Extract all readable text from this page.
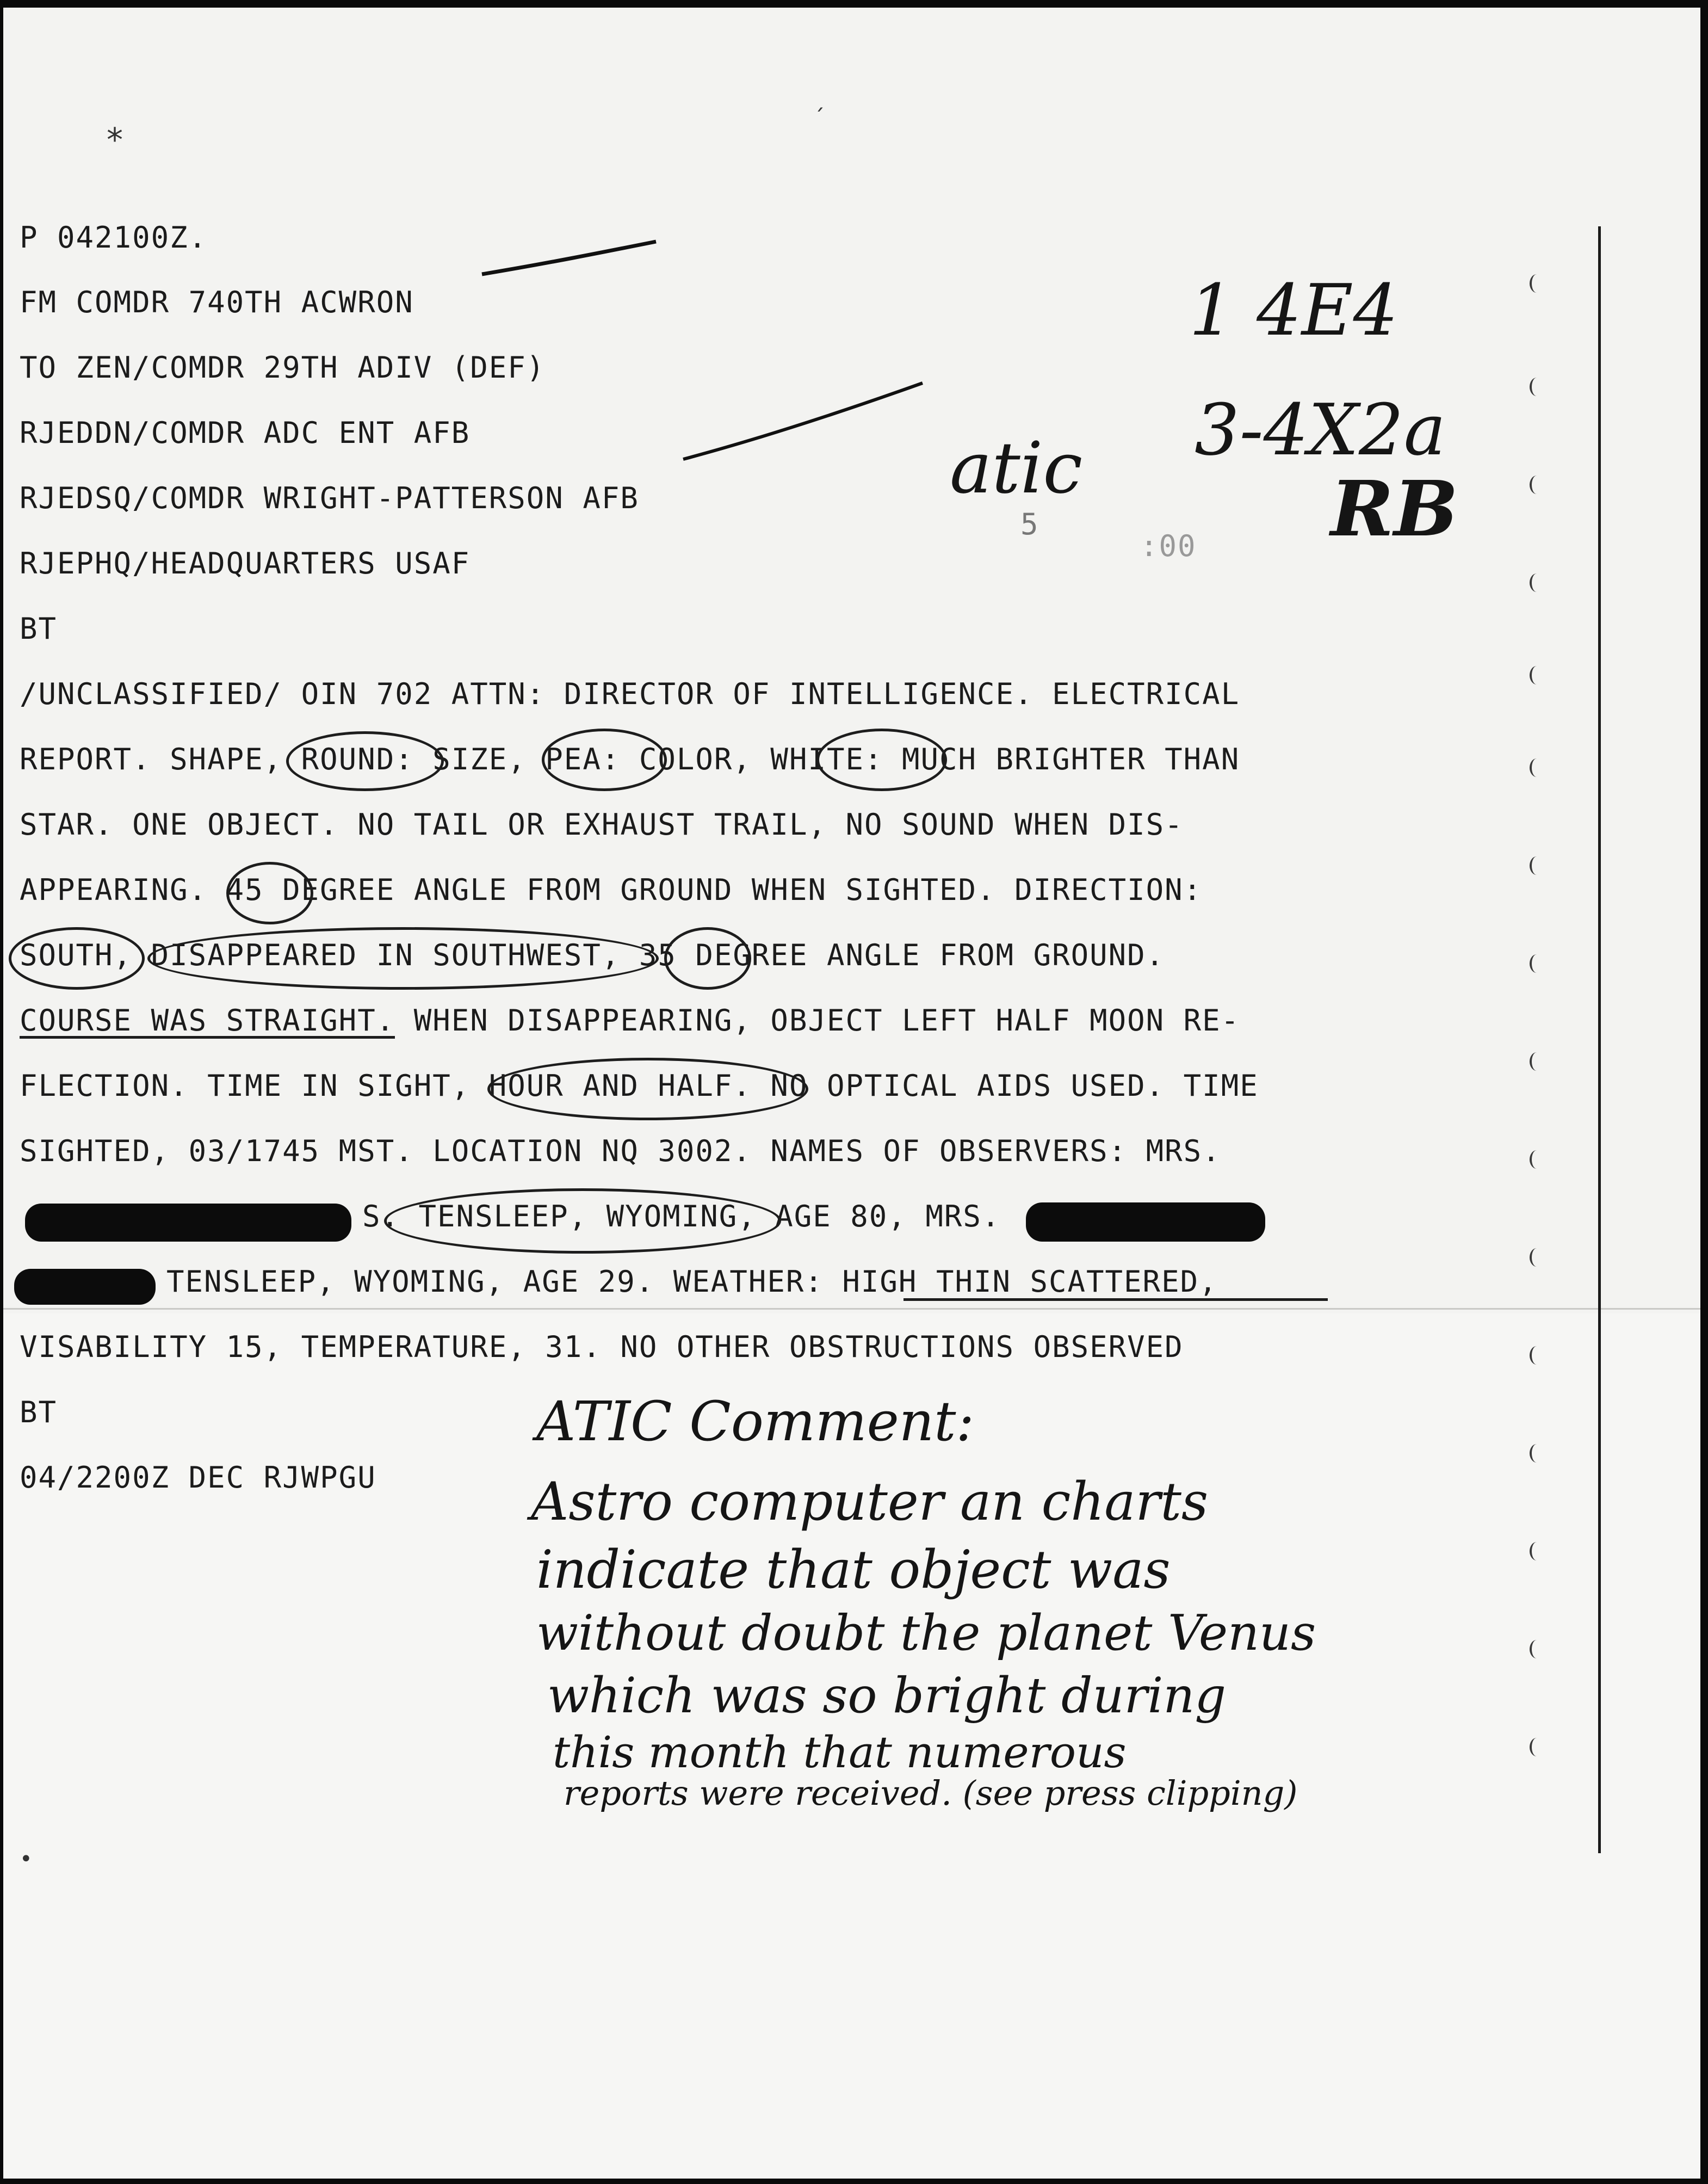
⁎	´
•
P 042100Z.
FM COMDR 740TH ACWRON
TO ZEN/COMDR 29TH ADIV (DEF)
RJEDDN/COMDR ADC ENT AFB
RJEDSQ/COMDR WRIGHT-PATTERSON AFB
RJEPHQ/HEADQUARTERS USAF
BT
/UNCLASSIFIED/ OIN 702 ATTN: DIRECTOR OF INTELLIGENCE. ELECTRICAL
REPORT. SHAPE, ROUND: SIZE, PEA: COLOR, WHITE: MUCH BRIGHTER THAN
STAR. ONE OBJECT. NO TAIL OR EXHAUST TRAIL, NO SOUND WHEN DIS-
APPEARING. 45 DEGREE ANGLE FROM GROUND WHEN SIGHTED. DIRECTION:
SOUTH, DISAPPEARED IN SOUTHWEST, 35 DEGREE ANGLE FROM GROUND.
COURSE WAS STRAIGHT. WHEN DISAPPEARING, OBJECT LEFT HALF MOON RE-
FLECTION. TIME IN SIGHT, HOUR AND HALF. NO OPTICAL AIDS USED. TIME
SIGHTED, 03/1745 MST. LOCATION NQ 3002. NAMES OF OBSERVERS: MRS.
S. TENSLEEP, WYOMING, AGE 80, MRS.
TENSLEEP, WYOMING, AGE 29. WEATHER: HIGH THIN SCATTERED,
VISABILITY 15, TEMPERATURE, 31. NO OTHER OBSTRUCTIONS OBSERVED
BT
04/2200Z DEC RJWPGU
1 4E4
3-4X2a
RB
atic
5
:00
ATIC Comment:
Astro computer an charts
indicate that object was
without doubt the planet Venus
which was so bright during
this month that numerous
reports were received. (see press clipping)
